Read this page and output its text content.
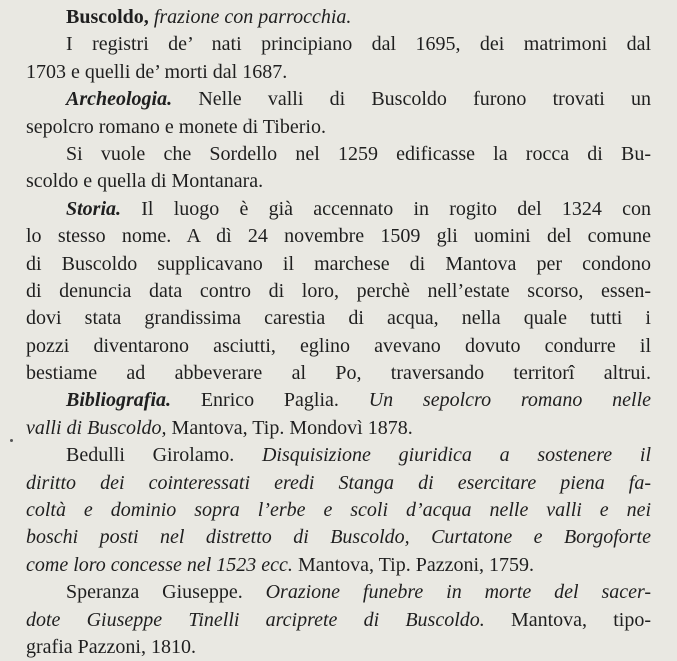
Buscoldo, frazione con parrocchia.
I registri de’ nati principiano dal 1695, dei matrimoni dal
1703 e quelli de’ morti dal 1687.
Archeologia. Nelle valli di Buscoldo furono trovati un
sepolcro romano e monete di Tiberio.
Si vuole che Sordello nel 1259 edificasse la rocca di Bu-
scoldo e quella di Montanara.
Storia. Il luogo è già accennato in rogito del 1324 con
lo stesso nome. A dì 24 novembre 1509 gli uomini del comune
di Buscoldo supplicavano il marchese di Mantova per condono
di denuncia data contro di loro, perchè nell’estate scorso, essen-
dovi stata grandissima carestia di acqua, nella quale tutti i
pozzi diventarono asciutti, eglino avevano dovuto condurre il
bestiame ad abbeverare al Po, traversando territorî altrui.
Bibliografia. Enrico Paglia. Un sepolcro romano nelle
valli di Buscoldo, Mantova, Tip. Mondovì 1878.
Bedulli Girolamo. Disquisizione giuridica a sostenere il
diritto dei cointeressati eredi Stanga di esercitare piena fa-
coltà e dominio sopra l’erbe e scoli d’acqua nelle valli e nei
boschi posti nel distretto di Buscoldo, Curtatone e Borgoforte
come loro concesse nel 1523 ecc. Mantova, Tip. Pazzoni, 1759.
Speranza Giuseppe. Orazione funebre in morte del sacer-
dote Giuseppe Tinelli arciprete di Buscoldo. Mantova, tipo-
grafia Pazzoni, 1810.
